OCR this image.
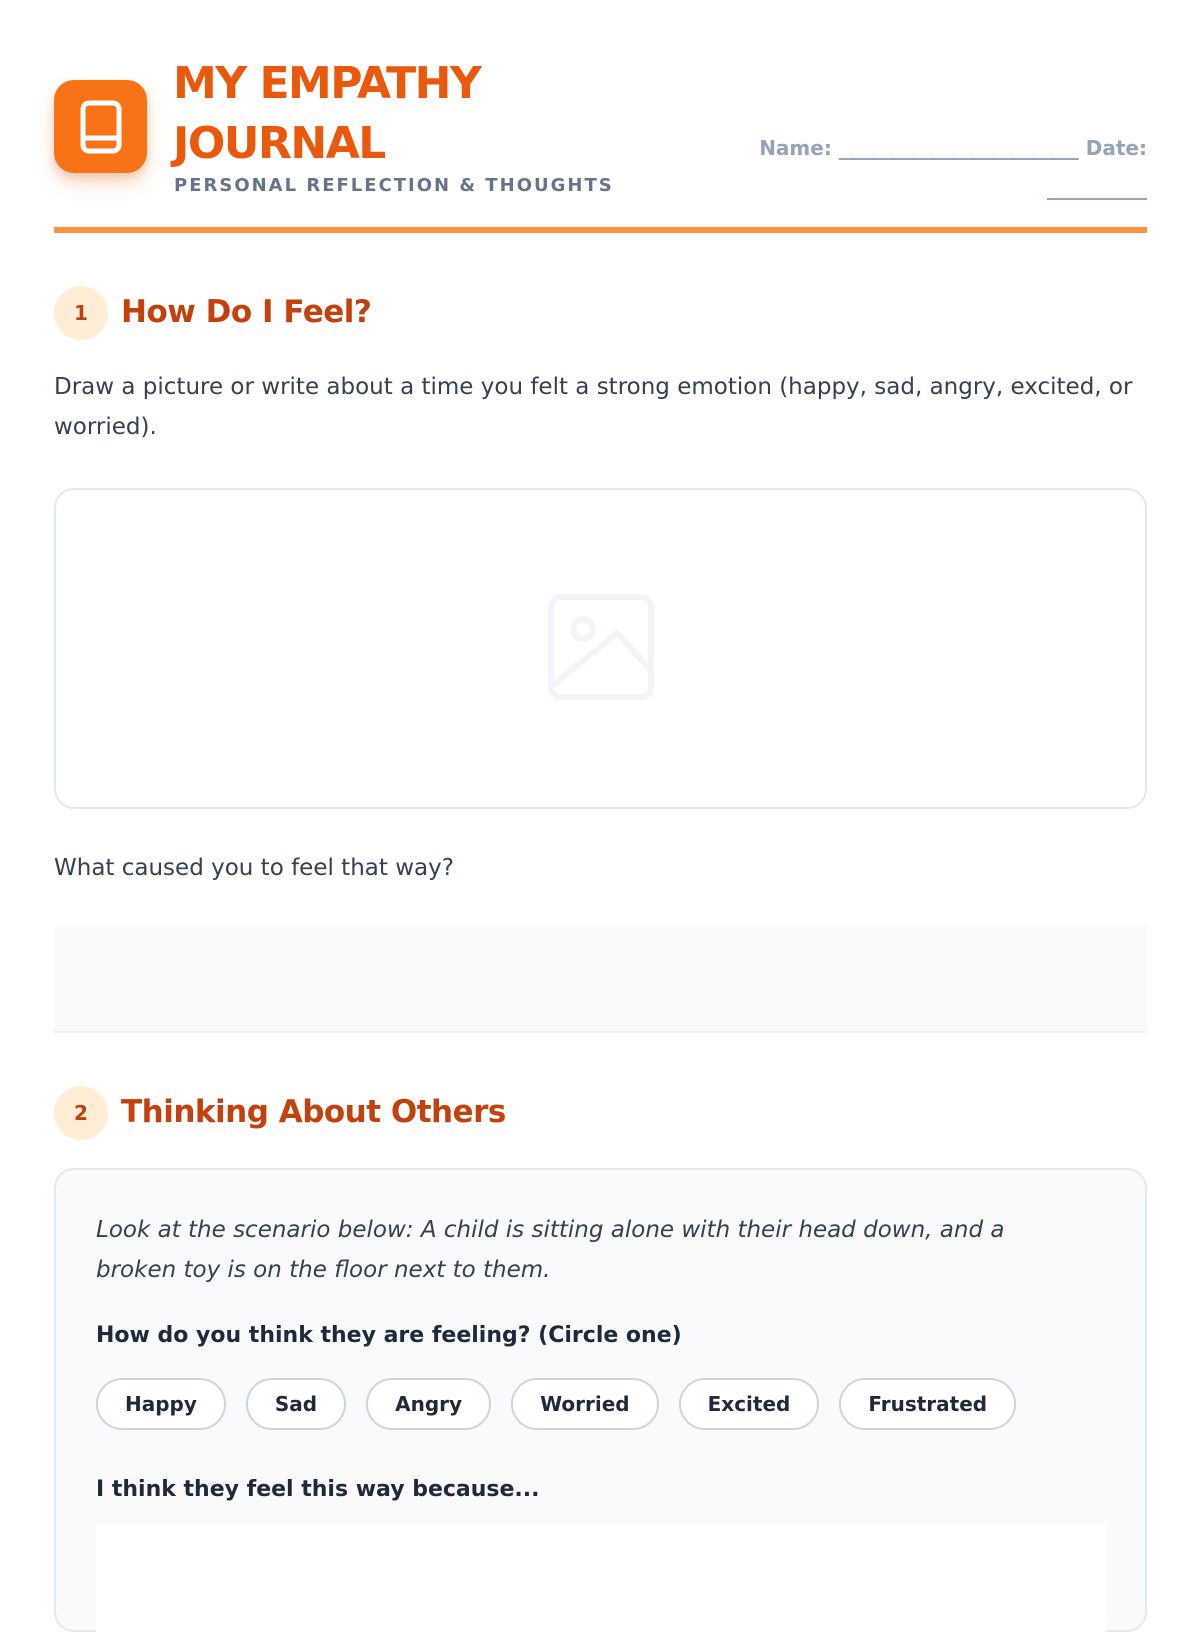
MY EMPATHY JOURNAL
PERSONAL REFLECTION & THOUGHTS
Name: ________________________ Date:
__________
1	How Do I Feel?

Draw a picture or write about a time you felt a strong emotion (happy, sad, angry, excited, or worried).

What caused you to feel that way?

2	Thinking About Others

Look at the scenario below: A child is sitting alone with their head down, and a broken toy is on the floor next to them.

How do you think they are feeling? (Circle one)
Happy	Sad	Angry	Worried	Excited	Frustrated
I think they feel this way because...
